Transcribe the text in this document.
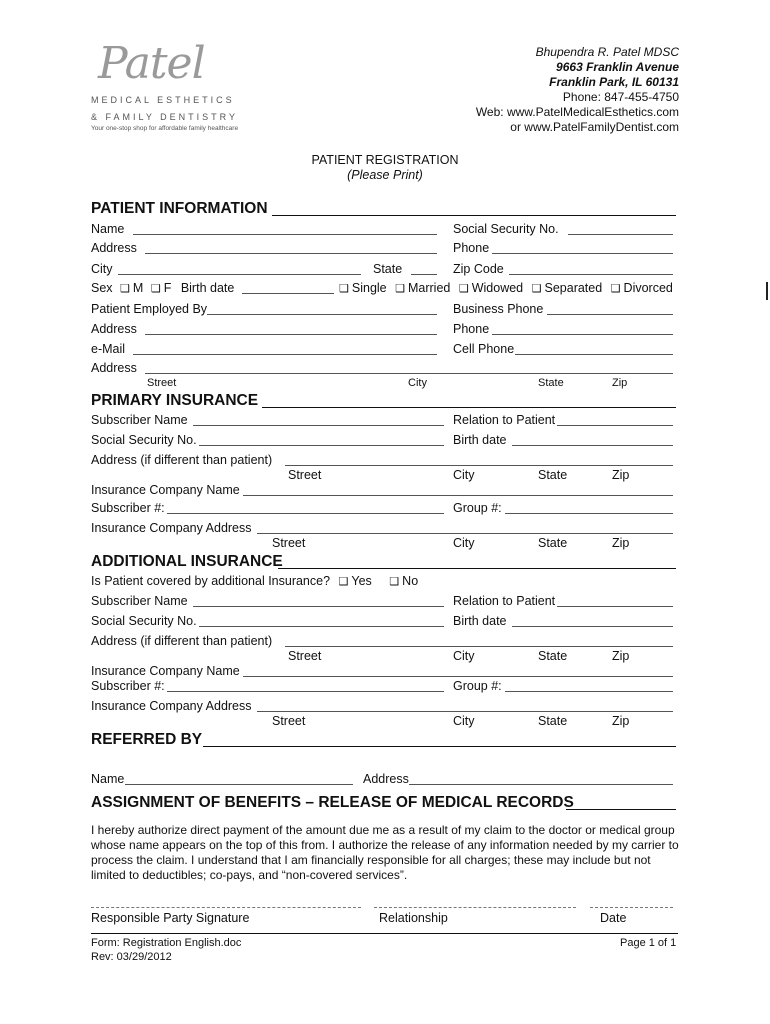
Patel
MEDICAL ESTHETICS
& FAMILY DENTISTRY
Your one-stop shop for affordable family healthcare
Bhupendra R. Patel MDSC
9663 Franklin Avenue
Franklin Park, IL 60131
Phone: 847-455-4750
Web: www.PatelMedicalEsthetics.com
or www.PatelFamilyDentist.com
PATIENT REGISTRATION
(Please Print)
PATIENT INFORMATION
Name	Social Security No.
Address	Phone
City	State	Zip Code
Sex ❑ M ❑ F Birth date	❑ Single ❑ Married ❑ Widowed ❑ Separated ❑ Divorced
Patient Employed By	Business Phone
Address	Phone
e-Mail	Cell Phone
Address
Street	City	State	Zip
PRIMARY INSURANCE
Subscriber Name	Relation to Patient
Social Security No.	Birth date
Address (if different than patient)
Street	City	State	Zip
Insurance Company Name
Subscriber #:	Group #:
Insurance Company Address
Street	City	State	Zip
ADDITIONAL INSURANCE
Is Patient covered by additional Insurance? ❑ Yes ❑ No
Subscriber Name	Relation to Patient
Social Security No.	Birth date
Address (if different than patient)
Street	City	State	Zip
Insurance Company Name
Subscriber #:	Group #:
Insurance Company Address
Street	City	State	Zip
REFERRED BY
Name	Address
ASSIGNMENT OF BENEFITS – RELEASE OF MEDICAL RECORDS
I hereby authorize direct payment of the amount due me as a result of my claim to the doctor or medical group whose name appears on the top of this from. I authorize the release of any information needed by my carrier to process the claim. I understand that I am financially responsible for all charges; these may include but not limited to deductibles; co-pays, and “non-covered services”.
Responsible Party Signature	Relationship	Date
Form: Registration English.doc
Rev: 03/29/2012
Page 1 of 1
